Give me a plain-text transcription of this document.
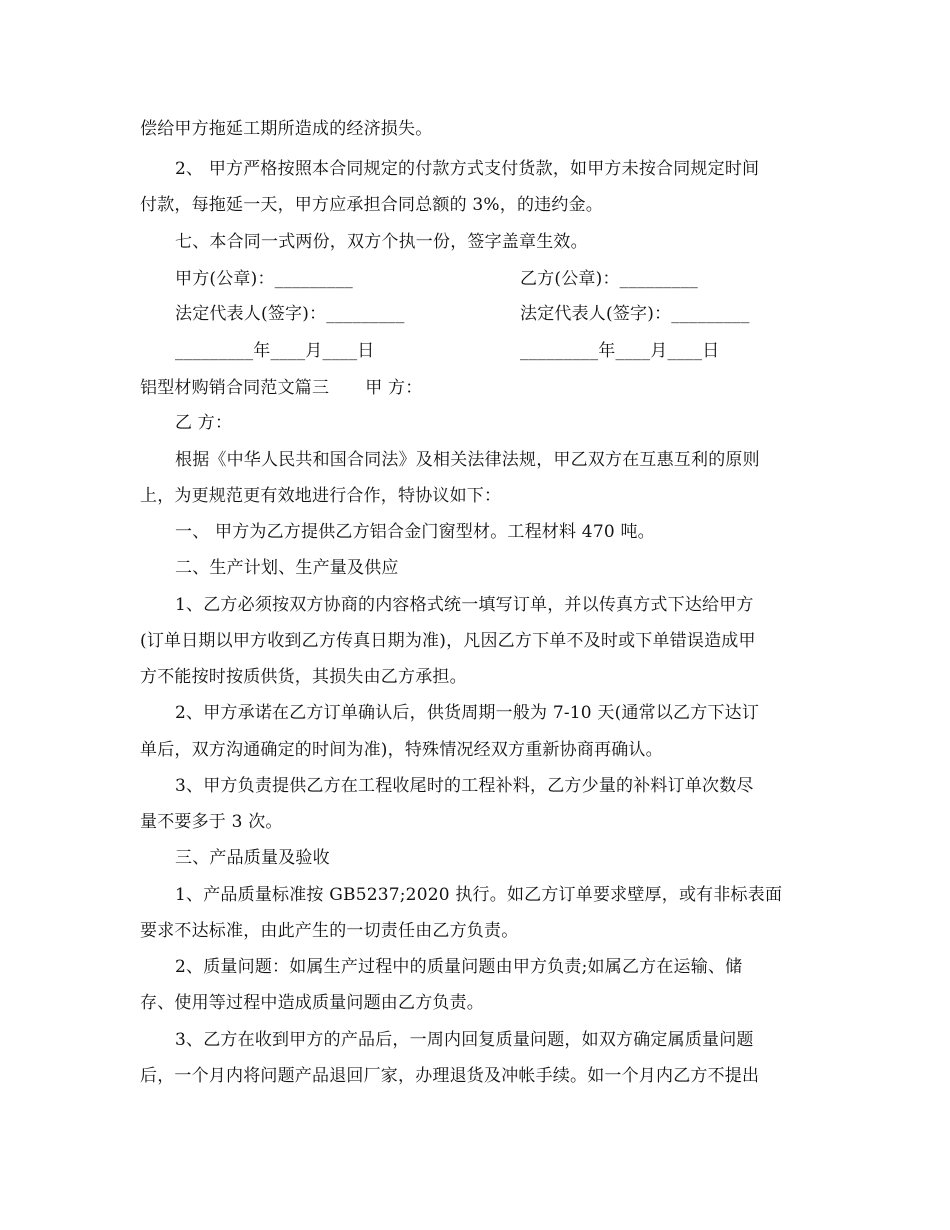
偿给甲方拖延工期所造成的经济损失。
2、 甲方严格按照本合同规定的付款方式支付货款，如甲方未按合同规定时间
付款，每拖延一天，甲方应承担合同总额的 3%，的违约金。
七、本合同一式两份，双方个执一份，签字盖章生效。
甲方(公章)：_________	乙方(公章)：_________
法定代表人(签字)：_________	法定代表人(签字)：_________
_________年____月____日	_________年____月____日
铝型材购销合同范文篇三 甲 方：
乙 方：
根据《中华人民共和国合同法》及相关法律法规，甲乙双方在互惠互利的原则
上，为更规范更有效地进行合作，特协议如下：
一、 甲方为乙方提供乙方铝合金门窗型材。工程材料 470 吨。
二、生产计划、生产量及供应
1、乙方必须按双方协商的内容格式统一填写订单，并以传真方式下达给甲方
(订单日期以甲方收到乙方传真日期为准)，凡因乙方下单不及时或下单错误造成甲
方不能按时按质供货，其损失由乙方承担。
2、甲方承诺在乙方订单确认后，供货周期一般为 7-10 天(通常以乙方下达订
单后，双方沟通确定的时间为准)，特殊情况经双方重新协商再确认。
3、甲方负责提供乙方在工程收尾时的工程补料，乙方少量的补料订单次数尽
量不要多于 3 次。
三、产品质量及验收
1、产品质量标准按 GB5237;2020 执行。如乙方订单要求壁厚，或有非标表面
要求不达标准，由此产生的一切责任由乙方负责。
2、质量问题：如属生产过程中的质量问题由甲方负责;如属乙方在运输、储
存、使用等过程中造成质量问题由乙方负责。
3、乙方在收到甲方的产品后，一周内回复质量问题，如双方确定属质量问题
后，一个月内将问题产品退回厂家，办理退货及冲帐手续。如一个月内乙方不提出
